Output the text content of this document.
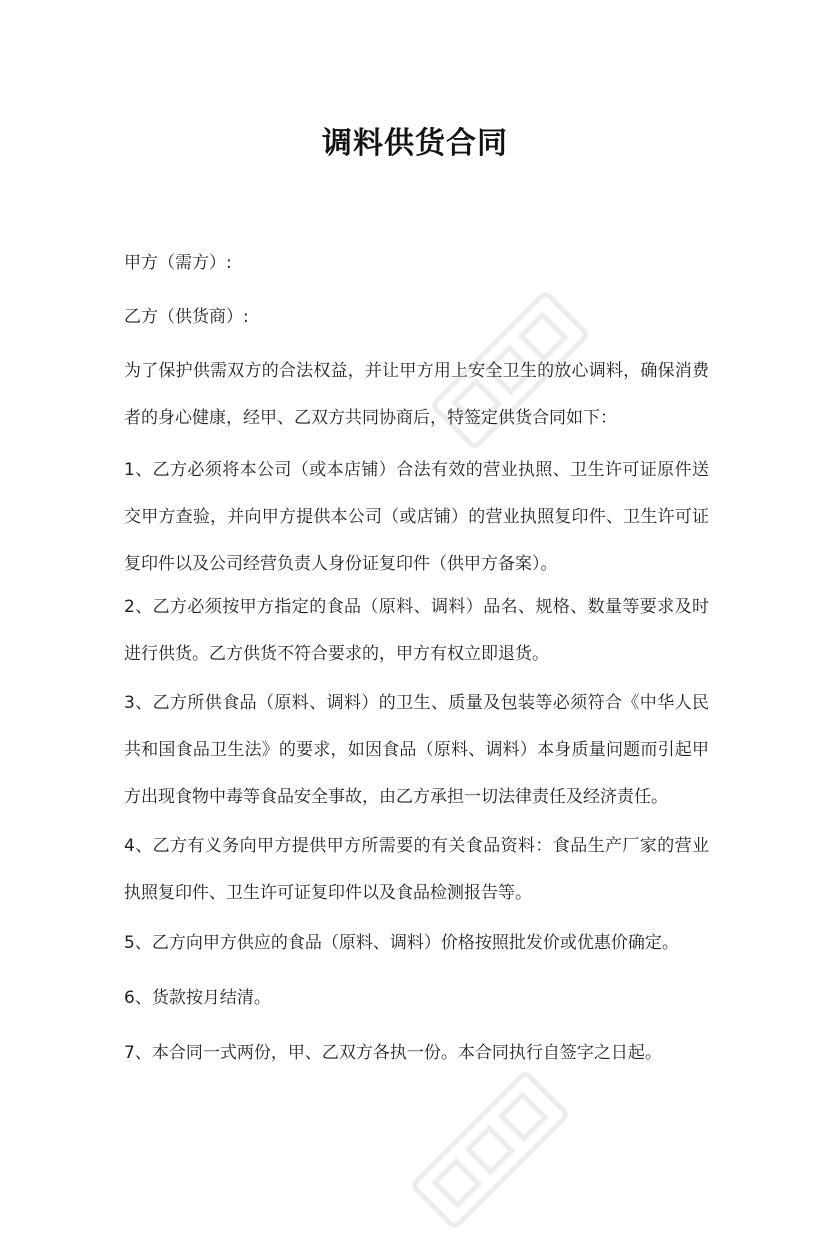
调料供货合同
甲方（需方）:
乙方（供货商）:
为了保护供需双方的合法权益，并让甲方用上安全卫生的放心调料，确保消费者的身心健康，经甲、乙双方共同协商后，特签定供货合同如下：
1、乙方必须将本公司（或本店铺）合法有效的营业执照、卫生许可证原件送交甲方查验，并向甲方提供本公司（或店铺）的营业执照复印件、卫生许可证复印件以及公司经营负责人身份证复印件（供甲方备案）。
2、乙方必须按甲方指定的食品（原料、调料）品名、规格、数量等要求及时进行供货。乙方供货不符合要求的，甲方有权立即退货。
3、乙方所供食品（原料、调料）的卫生、质量及包装等必须符合《中华人民共和国食品卫生法》的要求，如因食品（原料、调料）本身质量问题而引起甲方出现食物中毒等食品安全事故，由乙方承担一切法律责任及经济责任。
4、乙方有义务向甲方提供甲方所需要的有关食品资料：食品生产厂家的营业执照复印件、卫生许可证复印件以及食品检测报告等。
5、乙方向甲方供应的食品（原料、调料）价格按照批发价或优惠价确定。
6、货款按月结清。
7、本合同一式两份，甲、乙双方各执一份。本合同执行自签字之日起。
